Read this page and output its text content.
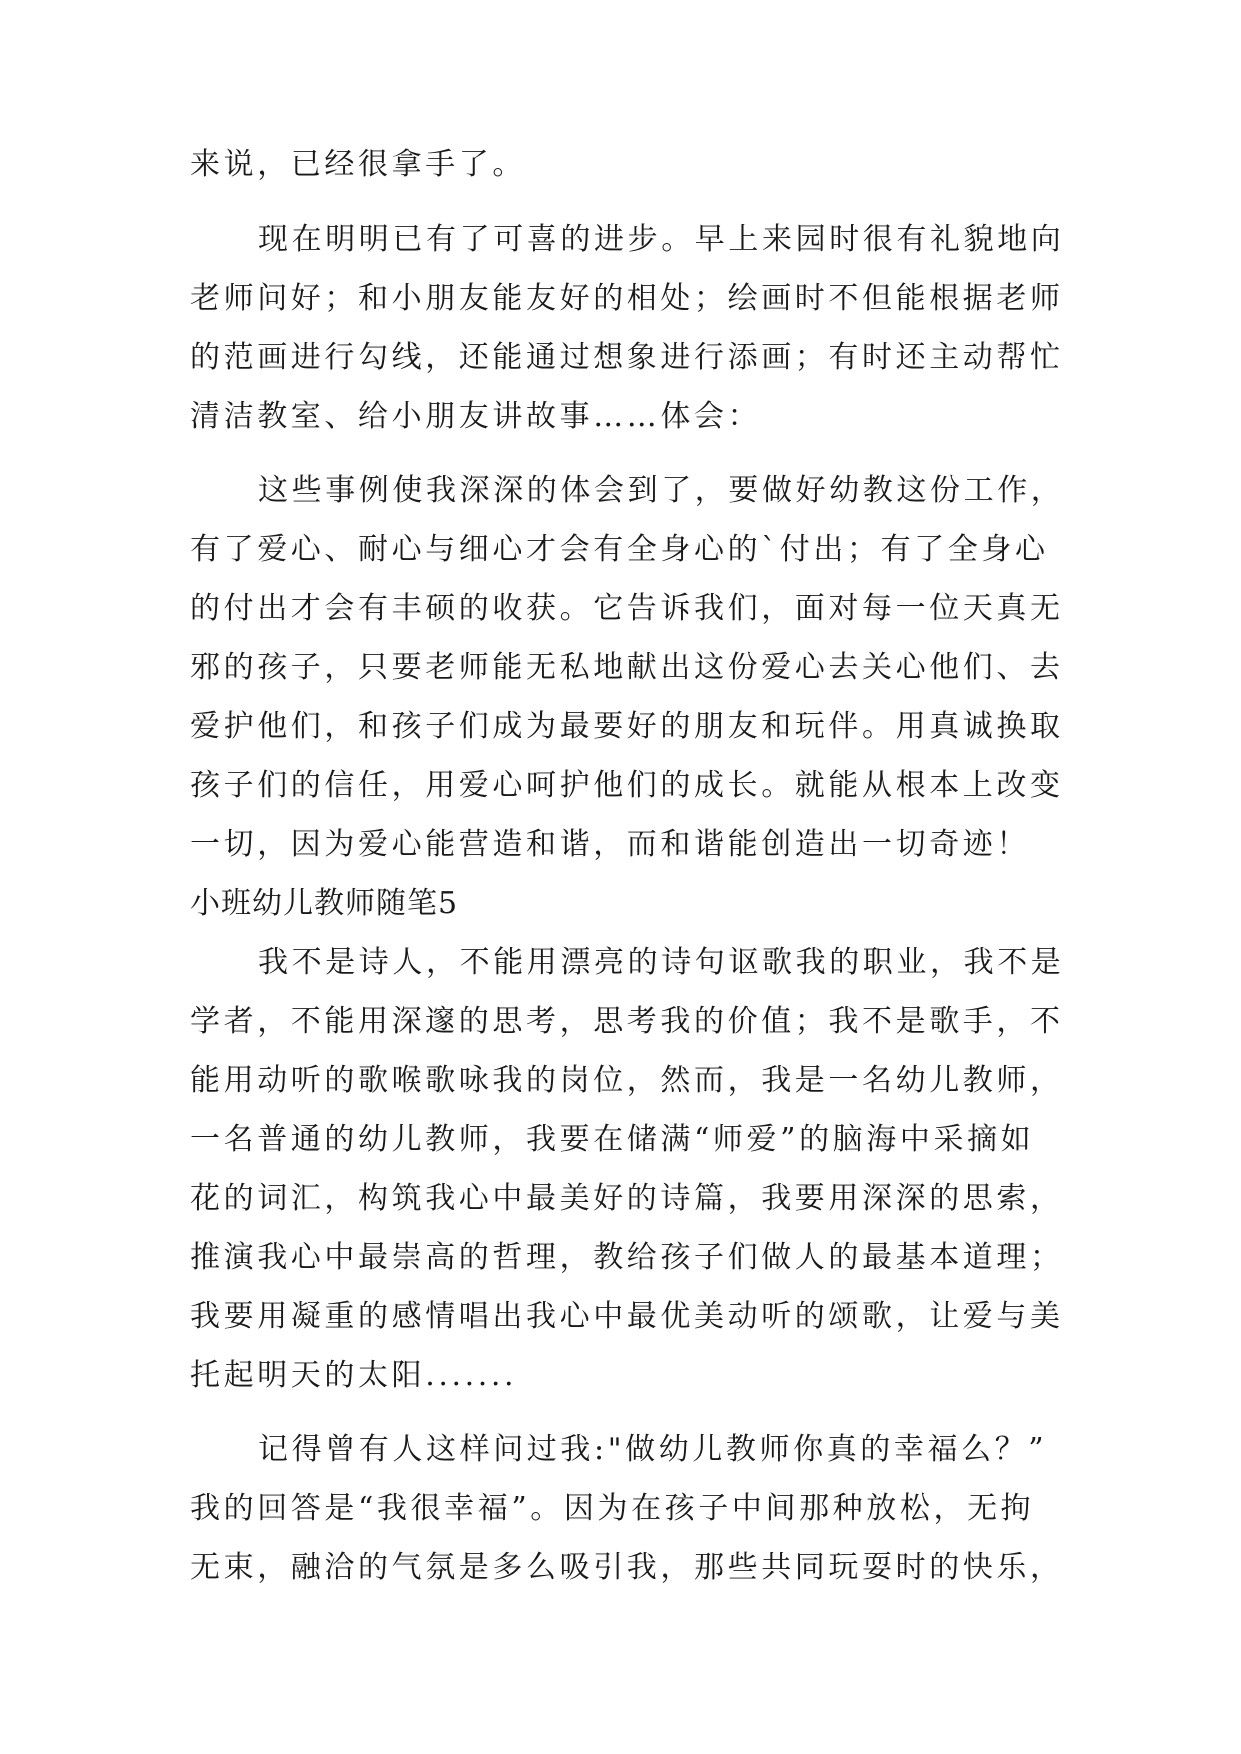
来说，已经很拿手了。
现在明明已有了可喜的进步。早上来园时很有礼貌地向
老师问好；和小朋友能友好的相处；绘画时不但能根据老师
的范画进行勾线，还能通过想象进行添画；有时还主动帮忙
清洁教室、给小朋友讲故事……体会：
这些事例使我深深的体会到了，要做好幼教这份工作，
有了爱心、耐心与细心才会有全身心的`付出；有了全身心
的付出才会有丰硕的收获。它告诉我们，面对每一位天真无
邪的孩子，只要老师能无私地献出这份爱心去关心他们、去
爱护他们，和孩子们成为最要好的朋友和玩伴。用真诚换取
孩子们的信任，用爱心呵护他们的成长。就能从根本上改变
一切，因为爱心能营造和谐，而和谐能创造出一切奇迹！
小班幼儿教师随笔5
我不是诗人，不能用漂亮的诗句讴歌我的职业，我不是
学者，不能用深邃的思考，思考我的价值；我不是歌手，不
能用动听的歌喉歌咏我的岗位，然而，我是一名幼儿教师，
一名普通的幼儿教师，我要在储满“师爱”的脑海中采摘如
花的词汇，构筑我心中最美好的诗篇，我要用深深的思索，
推演我心中最崇高的哲理，教给孩子们做人的最基本道理；
我要用凝重的感情唱出我心中最优美动听的颂歌，让爱与美
托起明天的太阳.......
记得曾有人这样问过我:"做幼儿教师你真的幸福么？”
我的回答是“我很幸福”。因为在孩子中间那种放松，无拘
无束，融洽的气氛是多么吸引我，那些共同玩耍时的快乐，
